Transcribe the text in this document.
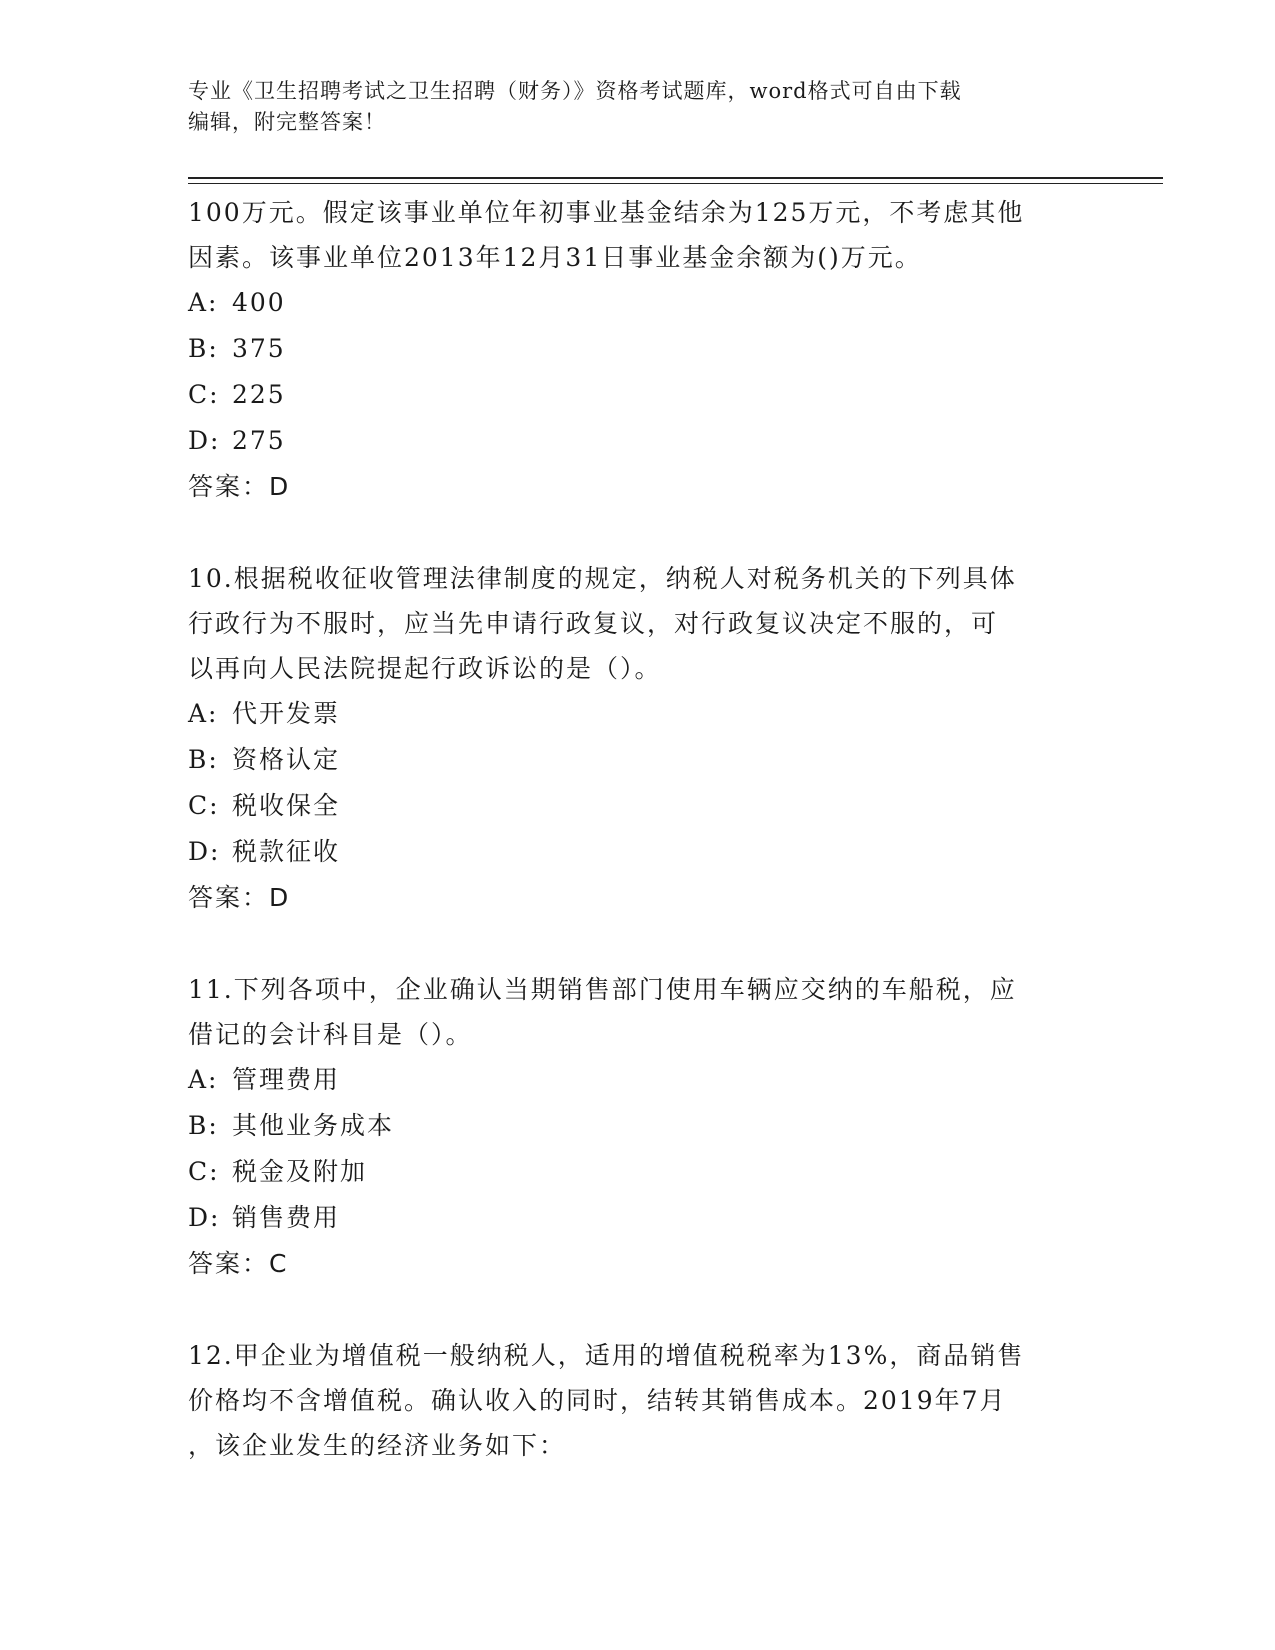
专业《卫生招聘考试之卫生招聘（财务）》资格考试题库，word格式可自由下载
编辑，附完整答案！

100万元。假定该事业单位年初事业基金结余为125万元，不考虑其他

因素。该事业单位2013年12月31日事业基金余额为()万元。

A: 400

B: 375

C: 225

D: 275

答案：D

10.根据税收征收管理法律制度的规定，纳税人对税务机关的下列具体

行政行为不服时，应当先申请行政复议，对行政复议决定不服的，可

以再向人民法院提起行政诉讼的是（）。

A: 代开发票

B: 资格认定

C: 税收保全

D: 税款征收

答案：D

11.下列各项中，企业确认当期销售部门使用车辆应交纳的车船税，应

借记的会计科目是（）。

A: 管理费用

B: 其他业务成本

C: 税金及附加

D: 销售费用

答案：C

12.甲企业为增值税一般纳税人，适用的增值税税率为13%，商品销售

价格均不含增值税。确认收入的同时，结转其销售成本。2019年7月

，该企业发生的经济业务如下：
